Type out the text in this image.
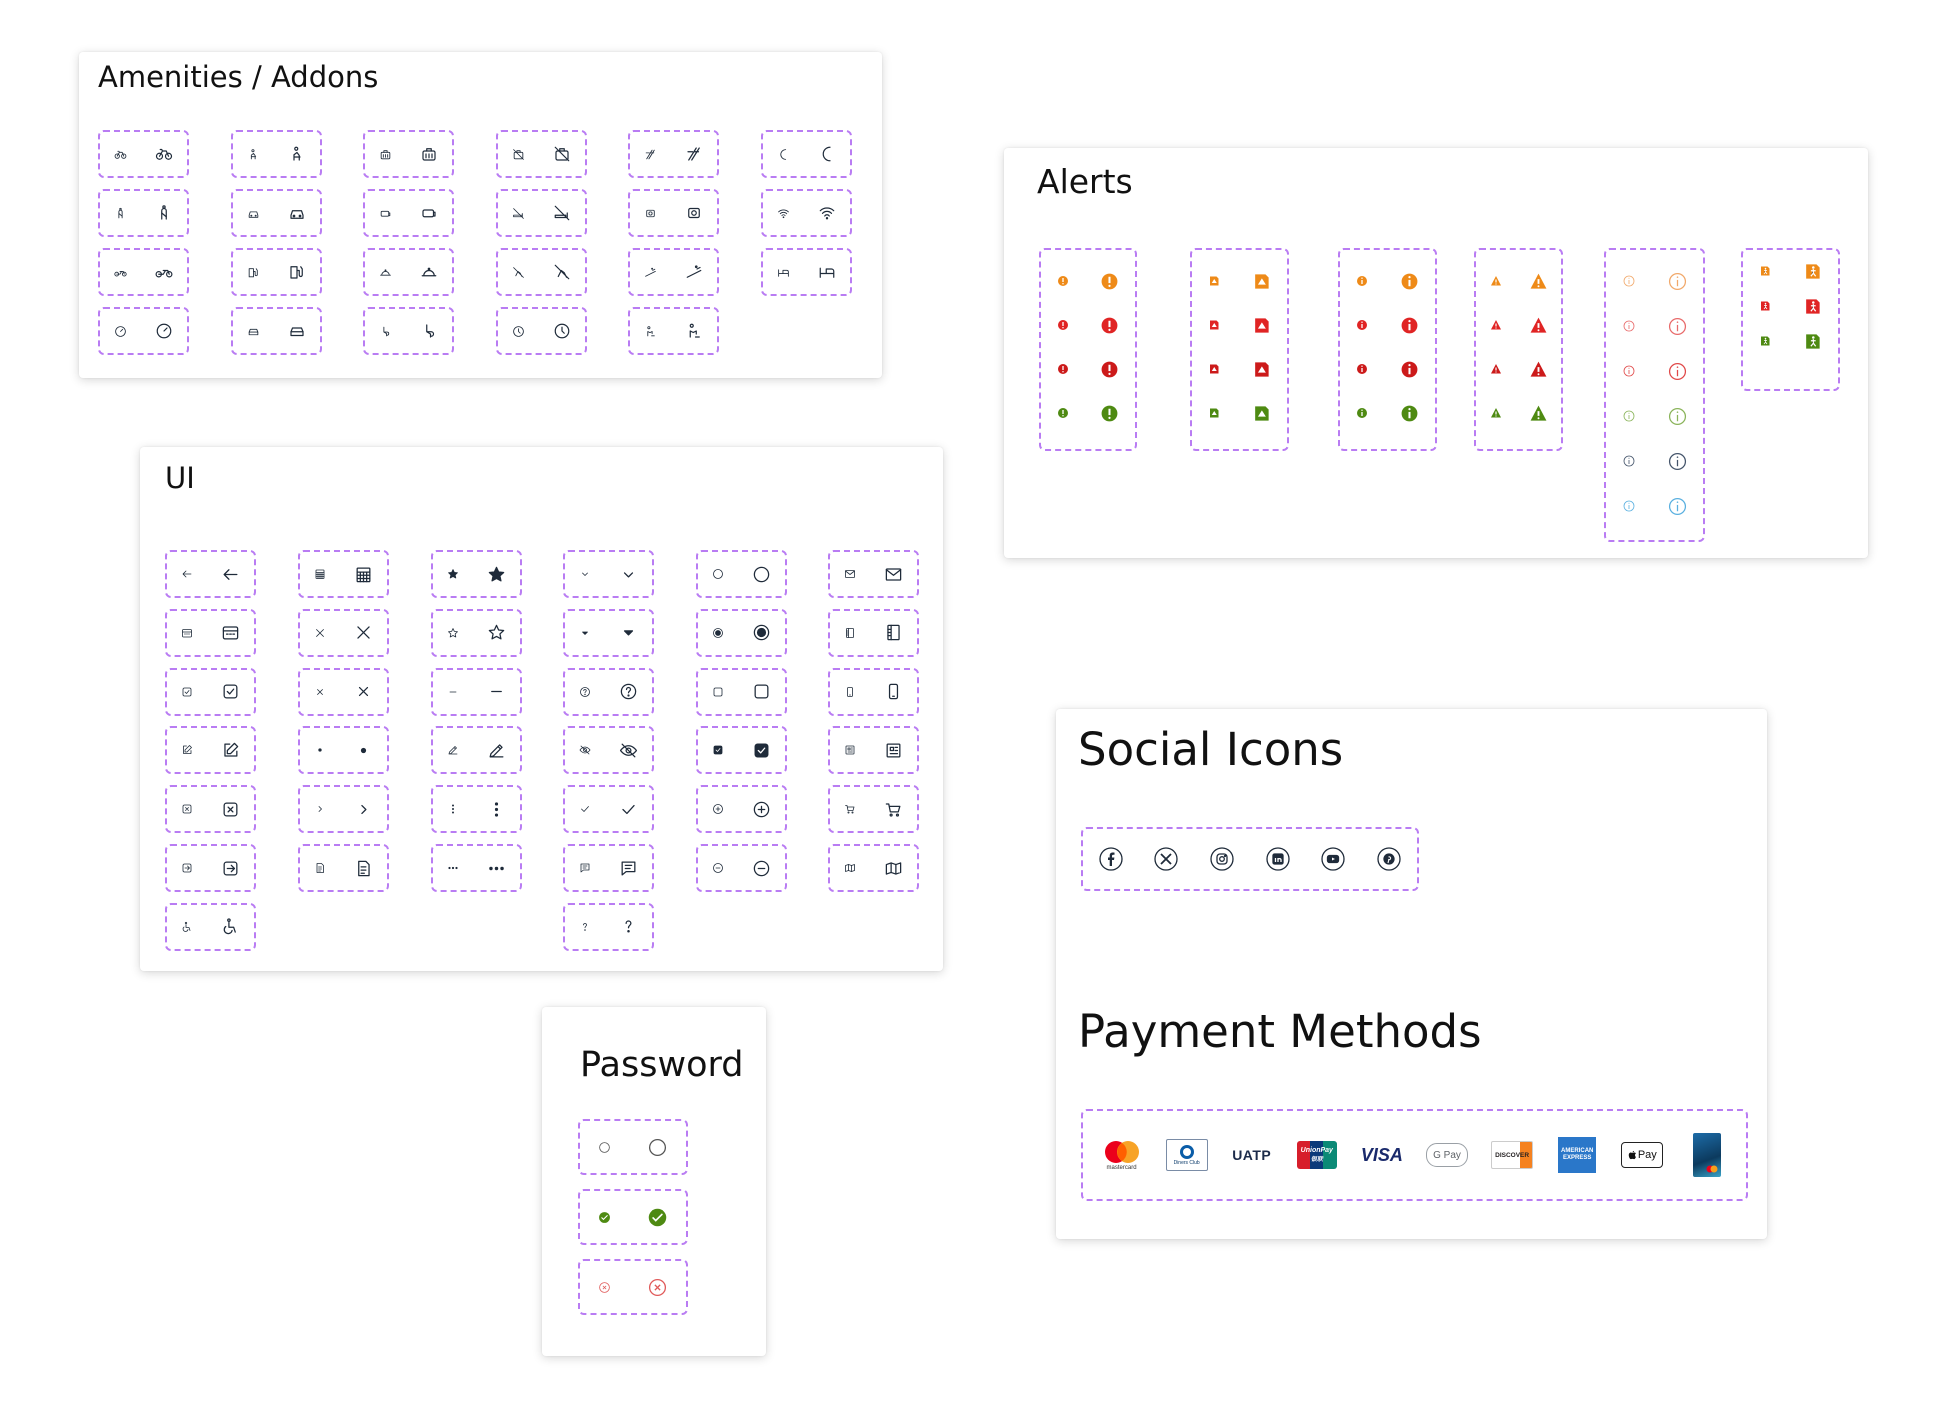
Amenities / Addons
Alerts
UI
Password
Social Icons
Payment Methods
mastercard
Diners Club UATP	UnionPay
银联 VISA	G Pay	DISCOVER
AMERICAN EXPRESS	Pay
